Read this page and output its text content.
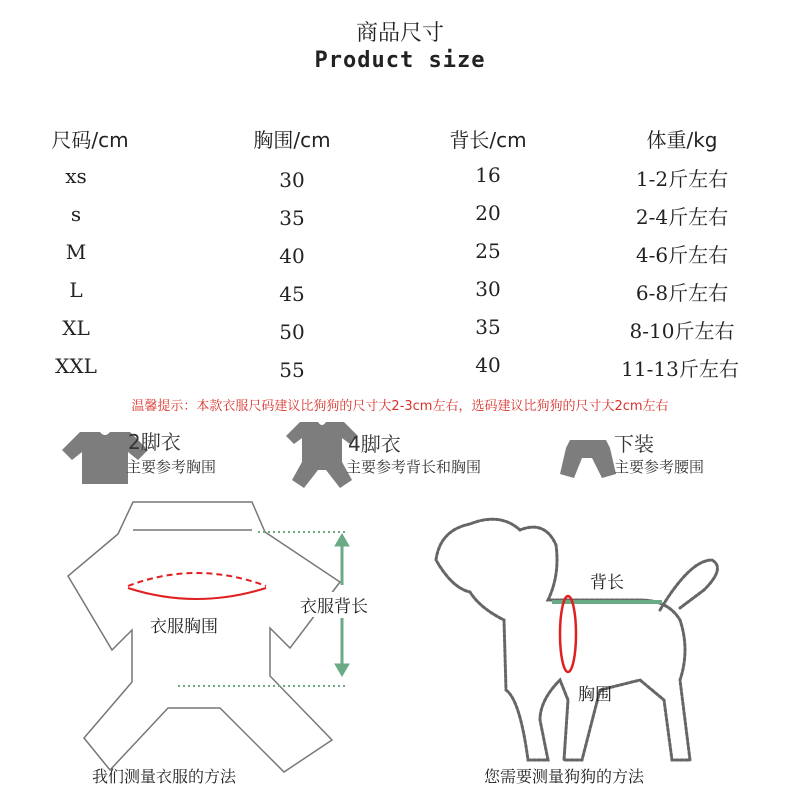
商品尺寸
Product size
尺码/cm	胸围/cm	背长/cm	体重/kg
xs	30	16	1-2斤左右
s	35	20	2-4斤左右
M	40	25	4-6斤左右
L	45	30	6-8斤左右
XL	50	35	8-10斤左右
XXL	55	40	11-13斤左右
温馨提示：本款衣服尺码建议比狗狗的尺寸大2-3cm左右，选码建议比狗狗的尺寸大2cm左右
2脚衣
主要参考胸围
4脚衣
主要参考背长和胸围
下装
主要参考腰围
衣服胸围
衣服背长
我们测量衣服的方法
背长
胸围
您需要测量狗狗的方法
